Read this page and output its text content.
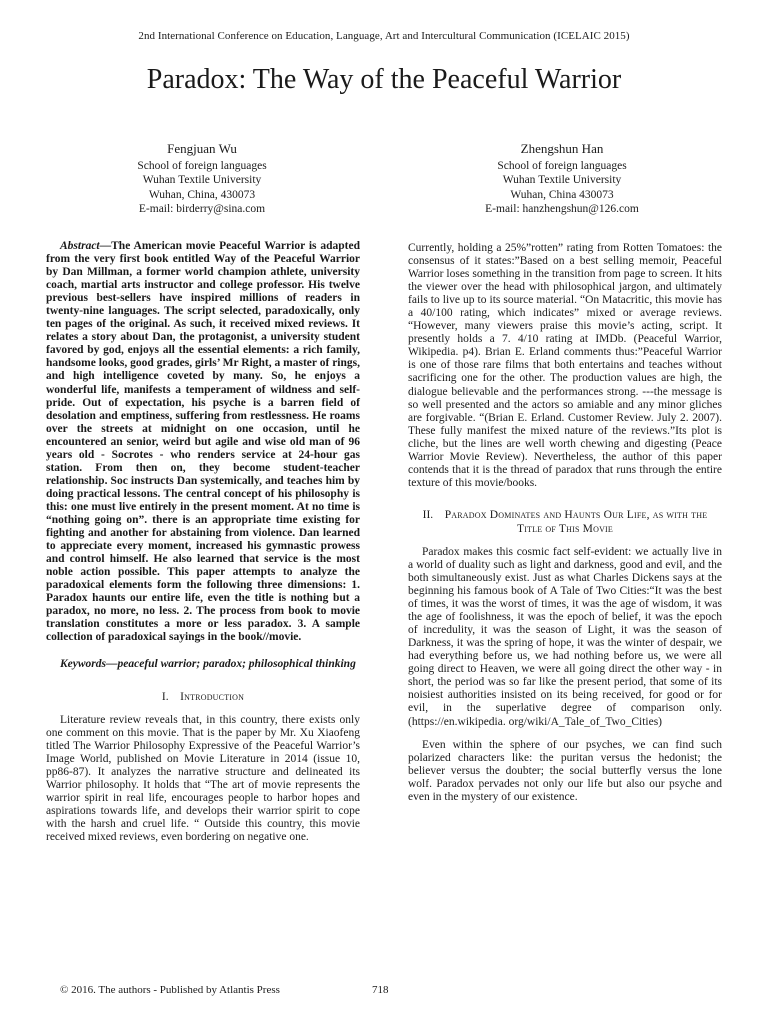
2nd International Conference on Education, Language, Art and Intercultural Communication (ICELAIC 2015)
Paradox: The Way of the Peaceful Warrior
Fengjuan Wu
School of foreign languages
Wuhan Textile University
Wuhan, China, 430073
E-mail: birderry@sina.com
Zhengshun Han
School of foreign languages
Wuhan Textile University
Wuhan, China 430073
E-mail: hanzhengshun@126.com

Abstract—The American movie Peaceful Warrior is adapted from the very first book entitled Way of the Peaceful Warrior by Dan Millman, a former world champion athlete, university coach, martial arts instructor and college professor. His twelve previous best-sellers have inspired millions of readers in twenty-nine languages. The script selected, paradoxically, only ten pages of the original. As such, it received mixed reviews. It relates a story about Dan, the protagonist, a university student favored by god, enjoys all the essential elements: a rich family, handsome looks, good grades, girls’ Mr Right, a master of rings, and high intelligence coveted by many. So, he enjoys a wonderful life, manifests a temperament of wildness and self-pride. Out of expectation, his psyche is a barren field of desolation and emptiness, suffering from restlessness. He roams over the streets at midnight on one occasion, until he encountered an senior, weird but agile and wise old man of 96 years old - Socrotes - who renders service at 24-hour gas station. From then on, they become student-teacher relationship. Soc instructs Dan systemically, and teaches him by doing practical lessons. The central concept of his philosophy is this: one must live entirely in the present moment. At no time is “nothing going on”. there is an appropriate time existing for fighting and another for abstaining from violence. Dan learned to appreciate every moment, increased his gymnastic prowess and control himself. He also learned that service is the most noble action possible. This paper attempts to analyze the paradoxical elements form the following three dimensions: 1. Paradox haunts our entire life, even the title is nothing but a paradox, no more, no less. 2. The process from book to movie translation constitutes a more or less paradox. 3. A sample collection of paradoxical sayings in the book//movie.

Keywords—peaceful warrior; paradox; philosophical thinking

I. Introduction

Literature review reveals that, in this country, there exists only one comment on this movie. That is the paper by Mr. Xu Xiaofeng titled The Warrior Philosophy Expressive of the Peaceful Warrior’s Image World, published on Movie Literature in 2014 (issue 10, pp86-87). It analyzes the narrative structure and delineated its Warrior philosophy. It holds that “The art of movie represents the warrior spirit in real life, encourages people to harbor hopes and aspirations towards life, and develops their warrior spirit to cope with the harsh and cruel life. “ Outside this country, this movie received mixed reviews, even bordering on negative one.

Currently, holding a 25%”rotten” rating from Rotten Tomatoes: the consensus of it states:”Based on a best selling memoir, Peaceful Warrior loses something in the transition from page to screen. It hits the viewer over the head with philosophical jargon, and ultimately fails to live up to its source material. “On Matacritic, this movie has a 40/100 rating, which indicates” mixed or average reviews. “However, many viewers praise this movie’s acting, script. It presently holds a 7. 4/10 rating at IMDb. (Peaceful Warrior, Wikipedia. p4). Brian E. Erland comments thus:”Peaceful Warrior is one of those rare films that both entertains and teaches without sacrificing one for the other. The production values are high, the dialogue believable and the performances strong. ---the message is so well presented and the actors so amiable and any minor gliches are forgivable. “(Brian E. Erland. Customer Review. July 2. 2007). These fully manifest the mixed nature of the reviews.”Its plot is cliche, but the lines are well worth chewing and digesting (Peace Warrior Movie Review). Nevertheless, the author of this paper contends that it is the thread of paradox that runs through the entire texture of this movie/books.

II. Paradox Dominates and Haunts Our Life, as with the Title of This Movie

Paradox makes this cosmic fact self-evident: we actually live in a world of duality such as light and darkness, good and evil, and the both simultaneously exist. Just as what Charles Dickens says at the beginning his famous book of A Tale of Two Cities:“It was the best of times, it was the worst of times, it was the age of wisdom, it was the age of foolishness, it was the epoch of belief, it was the epoch of incredulity, it was the season of Light, it was the season of Darkness, it was the spring of hope, it was the winter of despair, we had everything before us, we had nothing before us, we were all going direct to Heaven, we were all going direct the other way - in short, the period was so far like the present period, that some of its noisiest authorities insisted on its being received, for good or for evil, in the superlative degree of comparison only. (https://en.wikipedia. org/wiki/A_Tale_of_Two_Cities)

Even within the sphere of our psyches, we can find such polarized characters like: the puritan versus the hedonist; the believer versus the doubter; the social butterfly versus the lone wolf. Paradox pervades not only our life but also our psyche and even in the mystery of our existence.

© 2016. The authors - Published by Atlantis Press	718
